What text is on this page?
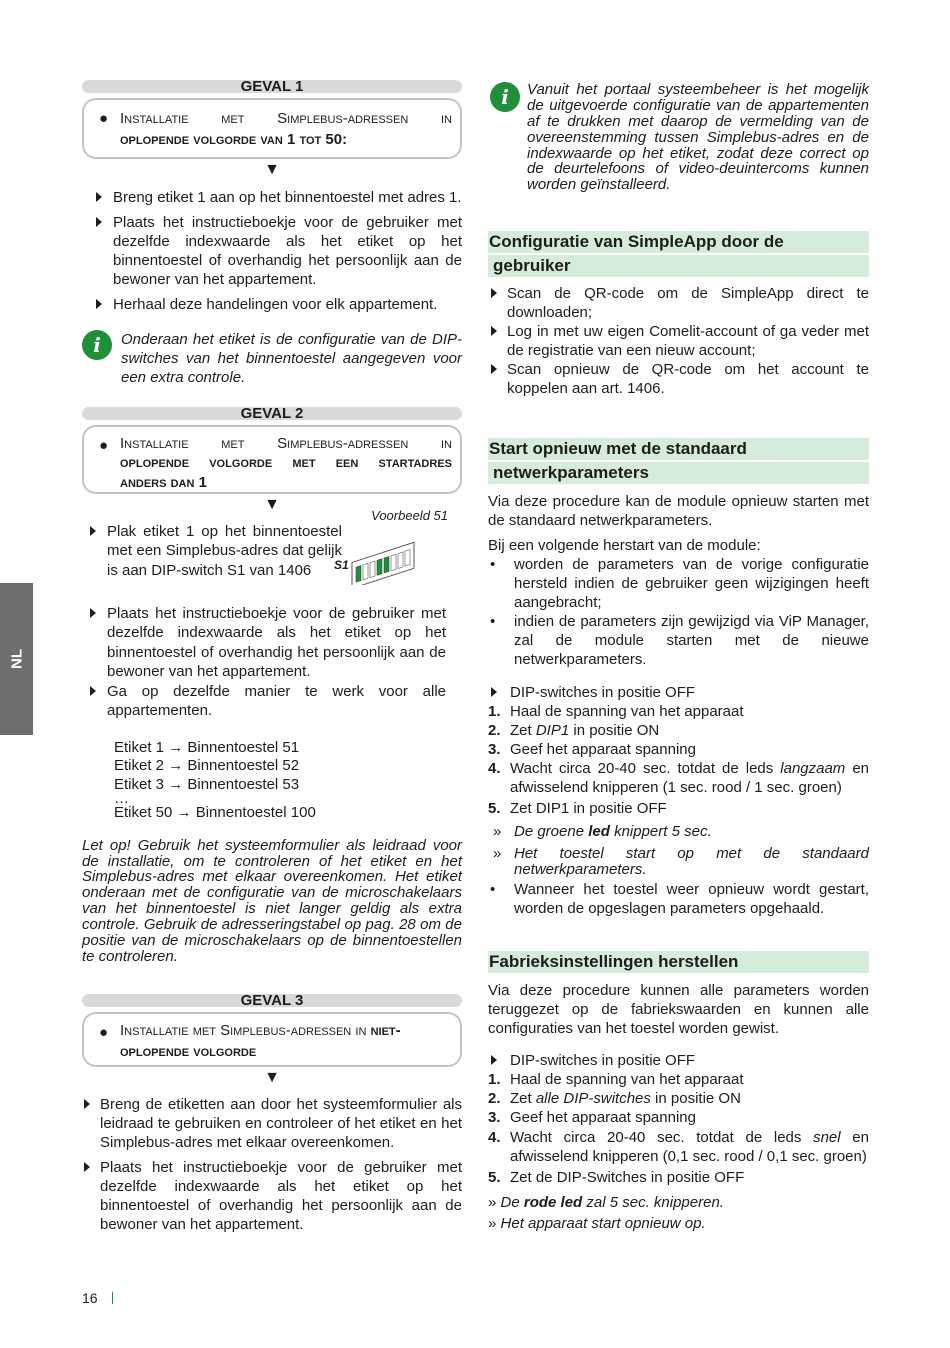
NL
GEVAL 1
● Installatie met Simplebus-adressen in
oplopende volgorde van 1 tot 50:
▼
Breng etiket 1 aan op het binnentoestel met adres 1.
Plaats het instructieboekje voor de gebruiker met dezelfde indexwaarde als het etiket op het binnentoestel of overhandig het persoonlijk aan de bewoner van het appartement.
Herhaal deze handelingen voor elk appartement.
i	Onderaan het etiket is de configuratie van de DIP-switches van het binnentoestel aangegeven voor een extra controle.
GEVAL 2
● Installatie met Simplebus-adressen in
oplopende volgorde met een startadres
anders dan 1
▼
Plak etiket 1 op het binnentoestel met een Simplebus-adres dat gelijk is aan DIP-switch S1 van 1406
Voorbeeld 51
S1
Plaats het instructieboekje voor de gebruiker met dezelfde indexwaarde als het etiket op het binnentoestel of overhandig het persoonlijk aan de bewoner van het appartement.
Ga op dezelfde manier te werk voor alle appartementen.
Etiket 1 → Binnentoestel 51
Etiket 2 → Binnentoestel 52
Etiket 3 → Binnentoestel 53
…
Etiket 50 → Binnentoestel 100
Let op! Gebruik het systeemformulier als leidraad voor de installatie, om te controleren of het etiket en het Simplebus-adres met elkaar overeenkomen. Het etiket onderaan met de configuratie van de microschakelaars van het binnentoestel is niet langer geldig als extra controle. Gebruik de adresseringstabel op pag. 28 om de positie van de microschakelaars op de binnentoestellen te controleren.
GEVAL 3
● Installatie met Simplebus-adressen in niet-
oplopende volgorde
▼
Breng de etiketten aan door het systeemformulier als leidraad te gebruiken en controleer of het etiket en het Simplebus-adres met elkaar overeenkomen.
Plaats het instructieboekje voor de gebruiker met dezelfde indexwaarde als het etiket op het binnentoestel of overhandig het persoonlijk aan de bewoner van het appartement.
i	Vanuit het portaal systeembeheer is het mogelijk de uitgevoerde configuratie van de appartementen af te drukken met daarop de vermelding van de overeenstemming tussen Simplebus-adres en de indexwaarde op het etiket, zodat deze correct op de deurtelefoons of video-deuintercoms kunnen worden geïnstalleerd.
Configuratie van SimpleApp door de
gebruiker
Scan de QR-code om de SimpleApp direct te downloaden;
Log in met uw eigen Comelit-account of ga veder met de registratie van een nieuw account;
Scan opnieuw de QR-code om het account te koppelen aan art. 1406.
Start opnieuw met de standaard
netwerkparameters
Via deze procedure kan de module opnieuw starten met de standaard netwerkparameters.
Bij een volgende herstart van de module:
• worden de parameters van de vorige configuratie hersteld indien de gebruiker geen wijzigingen heeft aangebracht;
• indien de parameters zijn gewijzigd via ViP Manager, zal de module starten met de nieuwe netwerkparameters.
DIP-switches in positie OFF
1. Haal de spanning van het apparaat
2. Zet DIP1 in positie ON
3. Geef het apparaat spanning
4. Wacht circa 20-40 sec. totdat de leds langzaam en afwisselend knipperen (1 sec. rood / 1 sec. groen)
5. Zet DIP1 in positie OFF
» De groene led knippert 5 sec.
» Het toestel start op met de standaard netwerkparameters.
• Wanneer het toestel weer opnieuw wordt gestart, worden de opgeslagen parameters opgehaald.
Fabrieksinstellingen herstellen
Via deze procedure kunnen alle parameters worden teruggezet op de fabriekswaarden en kunnen alle configuraties van het toestel worden gewist.
DIP-switches in positie OFF
1. Haal de spanning van het apparaat
2. Zet alle DIP-switches in positie ON
3. Geef het apparaat spanning
4. Wacht circa 20-40 sec. totdat de leds snel en afwisselend knipperen (0,1 sec. rood / 0,1 sec. groen)
5. Zet de DIP-Switches in positie OFF
» De rode led zal 5 sec. knipperen.
» Het apparaat start opnieuw op.
16
